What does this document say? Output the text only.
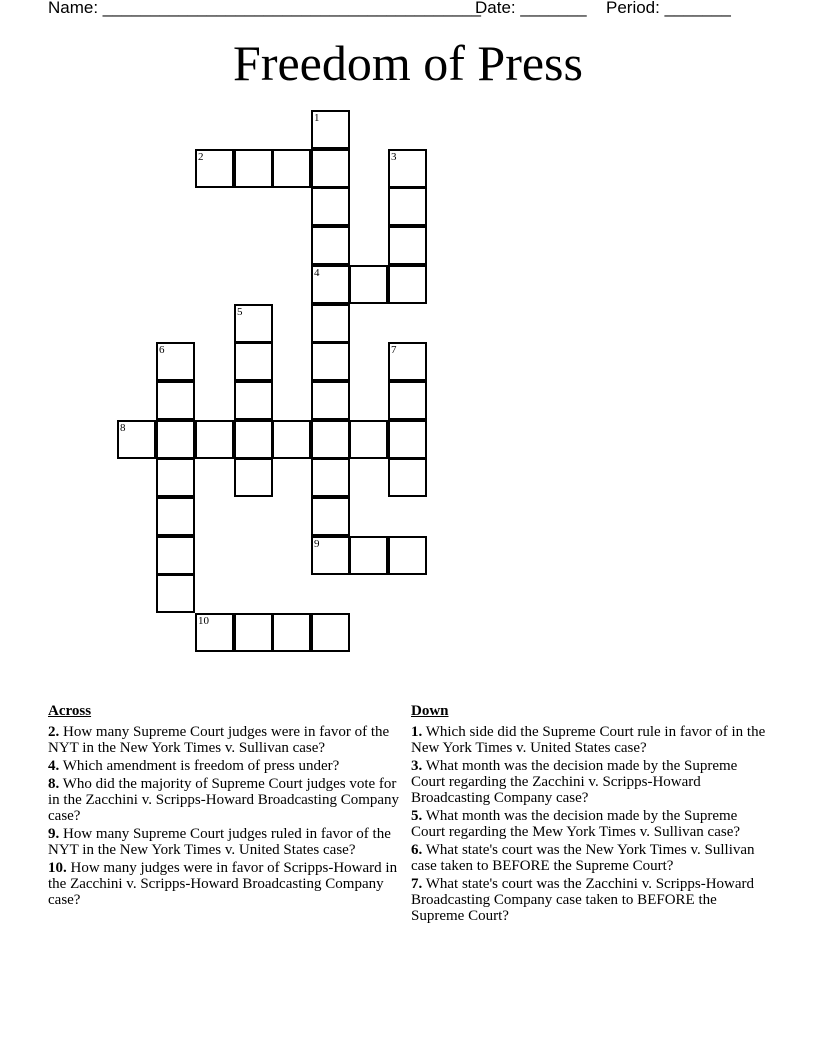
Name: ________________________________________

Date: _______

Period: _______

Freedom of Press
1
4
9
2	3
5
6	7
8
10
Across
2. How many Supreme Court judges were in favor of the NYT in the New York Times v. Sullivan case?
4. Which amendment is freedom of press under?
8. Who did the majority of Supreme Court judges vote for in the Zacchini v. Scripps-Howard Broadcasting Company case?
9. How many Supreme Court judges ruled in favor of the NYT in the New York Times v. United States case?
10. How many judges were in favor of Scripps-Howard in the Zacchini v. Scripps-Howard Broadcasting Company case?
Down
1. Which side did the Supreme Court rule in favor of in the New York Times v. United States case?
3. What month was the decision made by the Supreme Court regarding the Zacchini v. Scripps-Howard Broadcasting Company case?
5. What month was the decision made by the Supreme Court regarding the Mew York Times v. Sullivan case?
6. What state's court was the New York Times v. Sullivan case taken to BEFORE the Supreme Court?
7. What state's court was the Zacchini v. Scripps-Howard Broadcasting Company case taken to BEFORE the Supreme Court?
